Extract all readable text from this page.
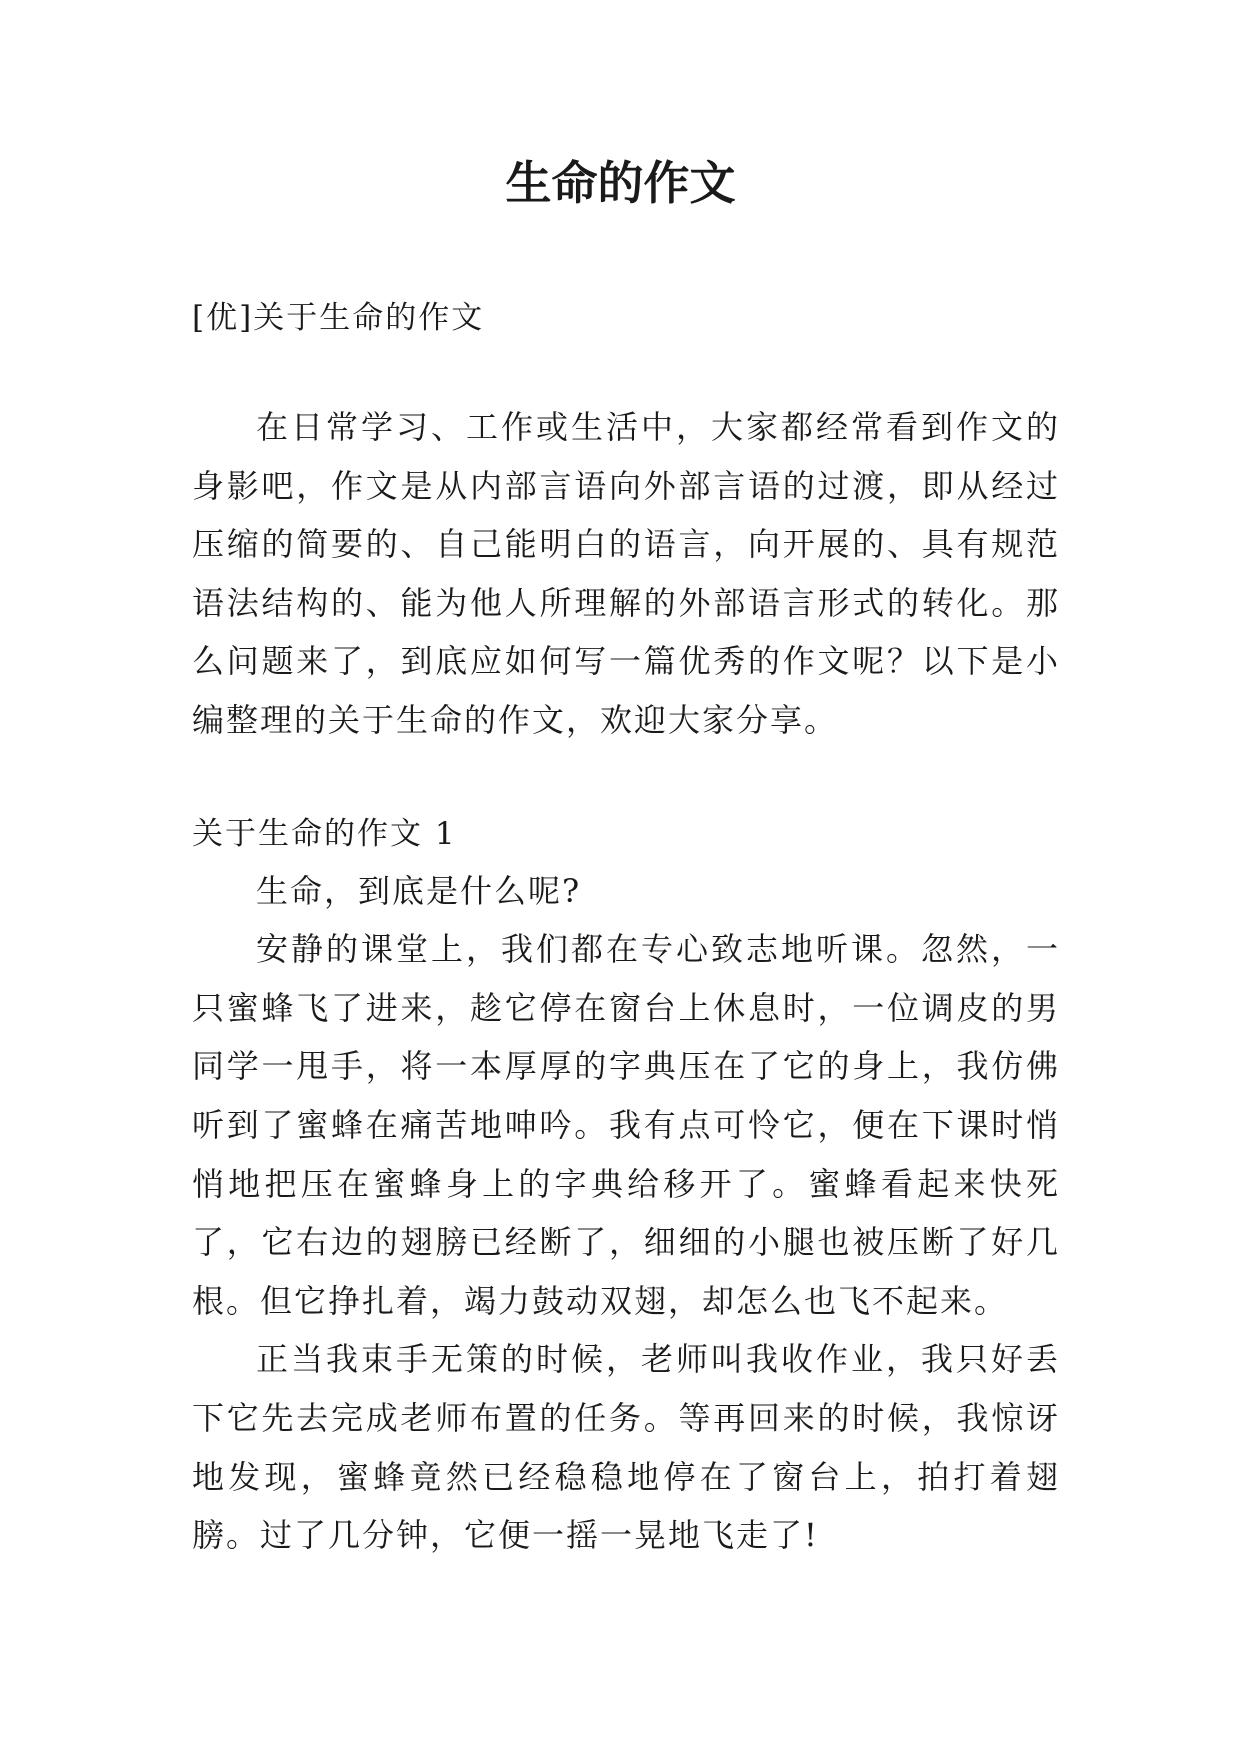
生命的作文

[优]关于生命的作文

在日常学习、工作或生活中，大家都经常看到作文的身影吧，作文是从内部言语向外部言语的过渡，即从经过压缩的简要的、自己能明白的语言，向开展的、具有规范语法结构的、能为他人所理解的外部语言形式的转化。那么问题来了，到底应如何写一篇优秀的作文呢？以下是小编整理的关于生命的作文，欢迎大家分享。

关于生命的作文 1

生命，到底是什么呢?

安静的课堂上，我们都在专心致志地听课。忽然，一只蜜蜂飞了进来，趁它停在窗台上休息时，一位调皮的男同学一甩手，将一本厚厚的字典压在了它的身上，我仿佛听到了蜜蜂在痛苦地呻吟。我有点可怜它，便在下课时悄悄地把压在蜜蜂身上的字典给移开了。蜜蜂看起来快死了，它右边的翅膀已经断了，细细的小腿也被压断了好几根。但它挣扎着，竭力鼓动双翅，却怎么也飞不起来。

正当我束手无策的时候，老师叫我收作业，我只好丢下它先去完成老师布置的任务。等再回来的时候，我惊讶地发现，蜜蜂竟然已经稳稳地停在了窗台上，拍打着翅膀。过了几分钟，它便一摇一晃地飞走了!
